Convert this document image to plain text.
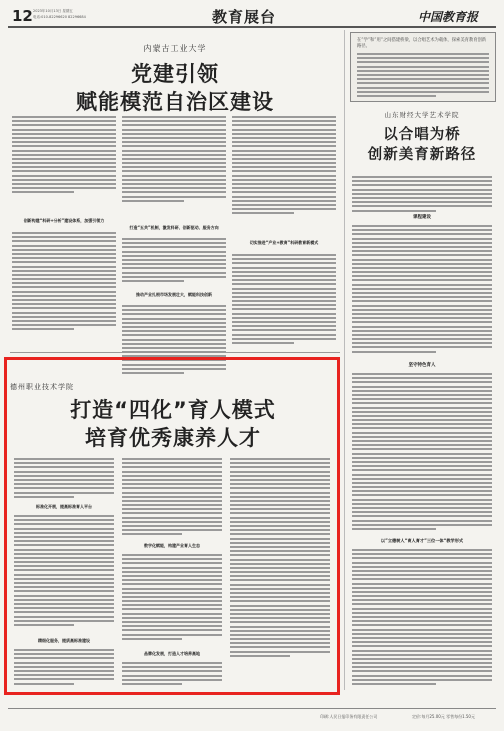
12 2023年10月13日 星期五
电话:010-82296620 82296684	教育展台	中国教育报
内蒙古工业大学
党建引领
赋能模范自治区建设
创新构建“科研+分析”建设体系，加强引领力
打造“五共”机制，激发科研、创新驱动、服务方向
推动产业扎根市场发展壮大，赋能科技创新
切实推进“产业+教育”科研教育新模式
在”学”和”用”之间搭建桥梁，以合唱艺术为载体，探索美育教育创新路径。
山东财经大学艺术学院
以合唱为桥
创新美育新路径
课程建设
坚守特色育人
以”立德树人“育人育才”三位一体“教学形式
德州职业技术学院
打造“四化”育人模式
培育优秀康养人才
标准化开展，提高标准育人平台
精细化服务，提质高标准建设
数字化赋能，构建产业育人生态
品牌化发展，打造人才培养高地
印刷:人民日报印务有限责任公司	定价:每月25.00元 零售每份1.50元
